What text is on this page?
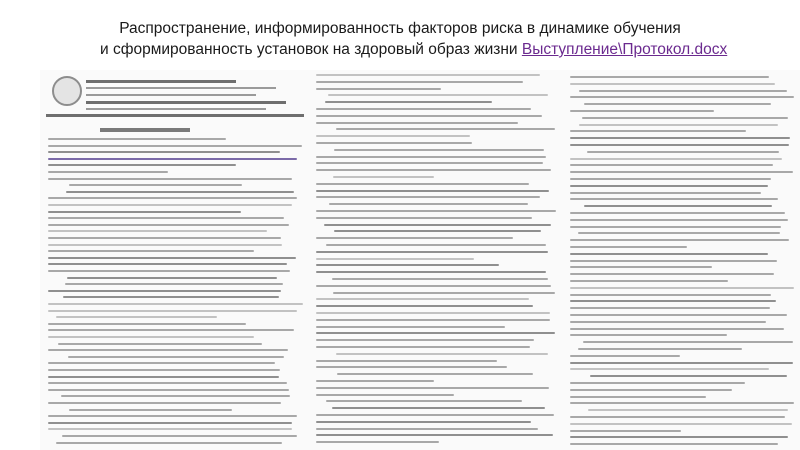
Распространение, информированность факторов риска в динамике обучения
и сформированность установок на здоровый образ жизни Выступление\Протокол.docx
